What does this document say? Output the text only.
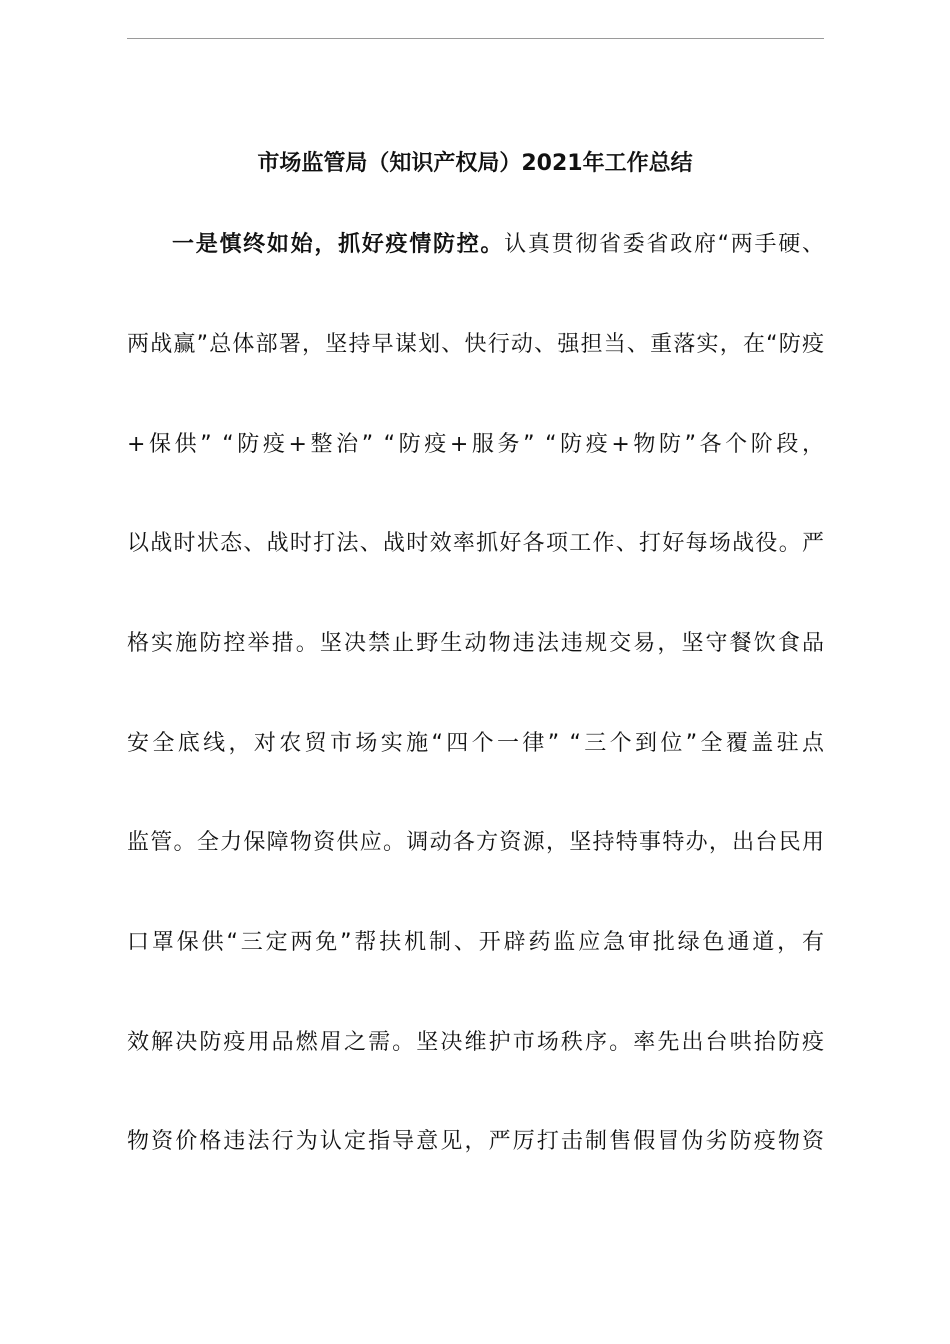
市场监管局（知识产权局）2021年工作总结
一是慎终如始，抓好疫情防控。认真贯彻省委省政府“两手硬、
两战赢”总体部署，坚持早谋划、快行动、强担当、重落实，在“防疫
+保供” “防疫+整治” “防疫+服务” “防疫+物防”各个阶段，
以战时状态、战时打法、战时效率抓好各项工作、打好每场战役。严
格实施防控举措。坚决禁止野生动物违法违规交易，坚守餐饮食品
安全底线，对农贸市场实施“四个一律” “三个到位”全覆盖驻点
监管。全力保障物资供应。调动各方资源，坚持特事特办，出台民用
口罩保供“三定两免”帮扶机制、开辟药监应急审批绿色通道，有
效解决防疫用品燃眉之需。坚决维护市场秩序。率先出台哄抬防疫
物资价格违法行为认定指导意见，严厉打击制售假冒伪劣防疫物资
